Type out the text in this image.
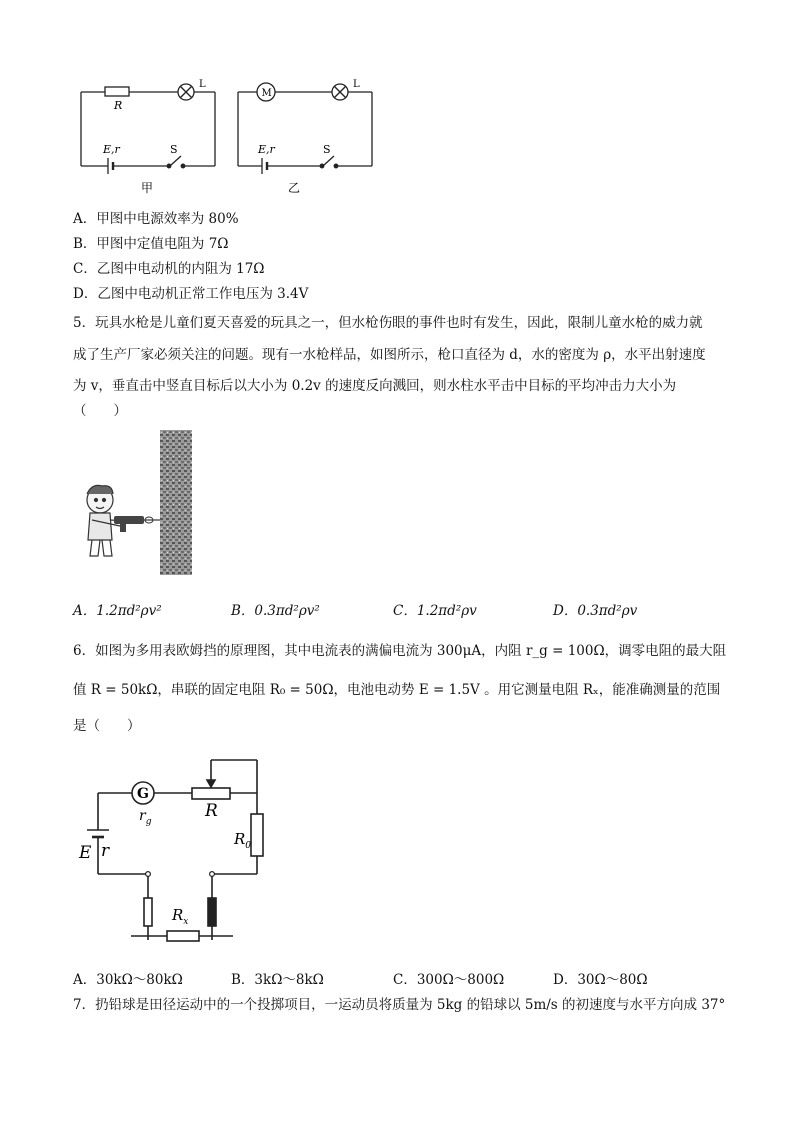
R
L
E,r	S
甲
M
L
E,r	S
乙
A．甲图中电源效率为 80%
B．甲图中定值电阻为 7Ω
C．乙图中电动机的内阻为 17Ω
D．乙图中电动机正常工作电压为 3.4V
5．玩具水枪是儿童们夏天喜爱的玩具之一，但水枪伤眼的事件也时有发生，因此，限制儿童水枪的威力就
成了生产厂家必须关注的问题。现有一水枪样品，如图所示，枪口直径为 d，水的密度为 ρ，水平出射速度
为 v，垂直击中竖直目标后以大小为 0.2v 的速度反向溅回，则水柱水平击中目标的平均冲击力大小为
（　　）
A．1.2πd²ρv²	B．0.3πd²ρv²	C．1.2πd²ρv	D．0.3πd²ρv
6．如图为多用表欧姆挡的原理图，其中电流表的满偏电流为 300μA，内阻 r_g = 100Ω，调零电阻的最大阻
值 R = 50kΩ，串联的固定电阻 R₀ = 50Ω，电池电动势 E = 1.5V 。用它测量电阻 Rₓ，能准确测量的范围
是（　　）
G
$r_g$
R
$R_0$
E r
$R_x$
A．30kΩ～80kΩ	B．3kΩ～8kΩ	C．300Ω～800Ω	D．30Ω～80Ω
7．扔铅球是田径运动中的一个投掷项目，一运动员将质量为 5kg 的铅球以 5m/s 的初速度与水平方向成 37°
